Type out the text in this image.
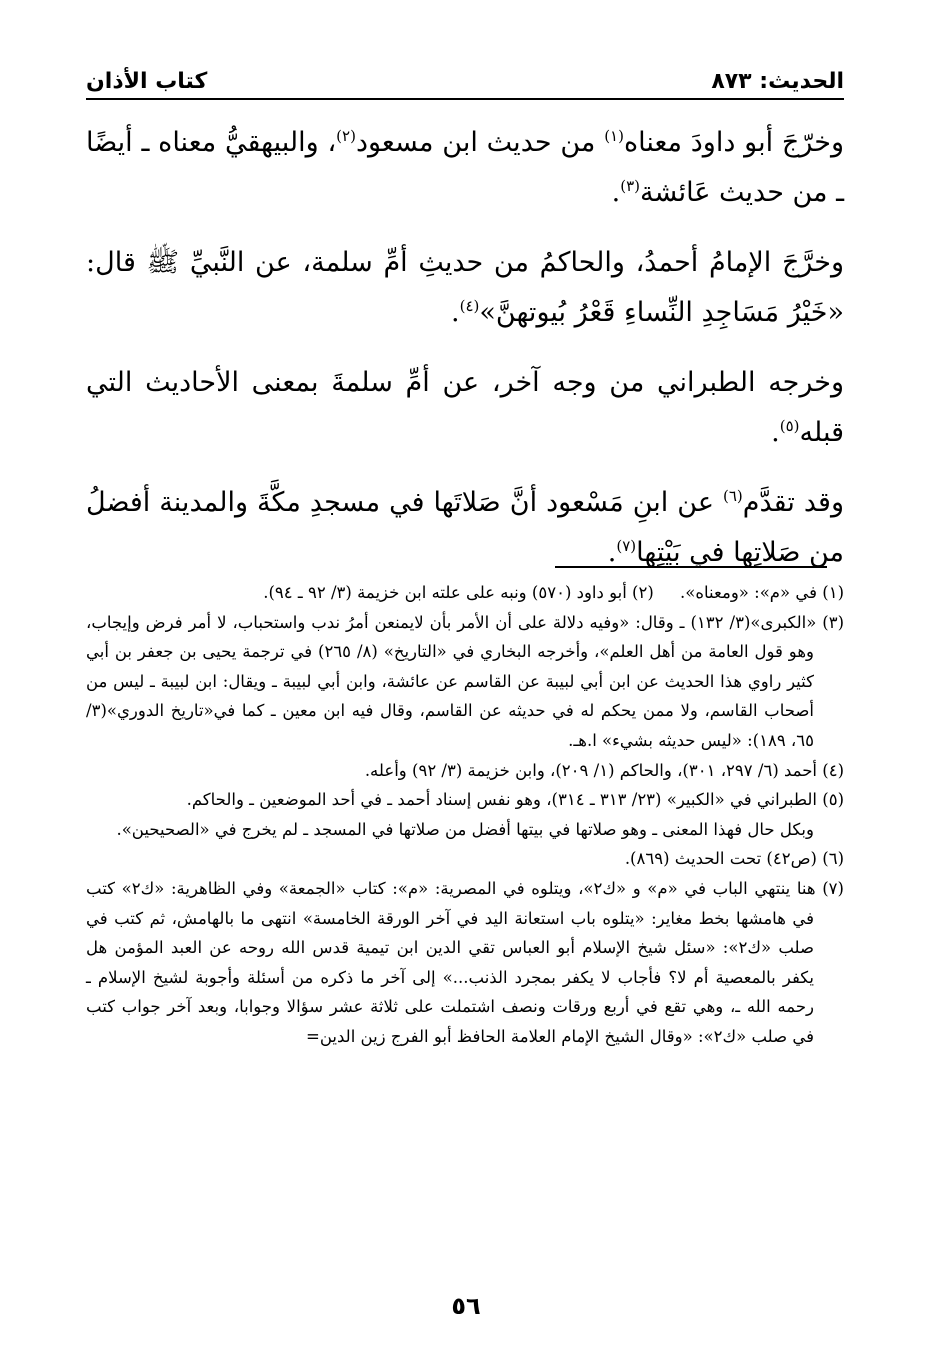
الحديث: ٨٧٣
كتاب الأذان

وخرّجَ أبو داودَ معناه$^{(١)}$ من حديث ابن مسعود$^{(٢)}$، والبيهقيُّ معناه ـ أيضًا ـ من حديث عَائشة$^{(٣)}$.

وخرَّجَ الإمامُ أحمدُ، والحاكمُ من حديثِ أمِّ سلمة، عن النَّبيِّ ﷺ قال: «خَيْرُ مَسَاجِدِ النِّساءِ قَعْرُ بُيوتهنَّ»$^{(٤)}$.

وخرجه الطبراني من وجه آخر، عن أمِّ سلمةَ بمعنى الأحاديث التي قبله$^{(٥)}$.

وقد تقدَّم$^{(٦)}$ عن ابنِ مَسْعود أنَّ صَلاتَها في مسجدِ مكَّةَ والمدينة أفضلُ من صَلاتِها في بَيْتِها$^{(٧)}$.

(١) في «م»: «ومعناه».     (٢) أبو داود (٥٧٠) ونبه على علته ابن خزيمة (٣/ ٩٢ ـ ٩٤).

(٣) «الكبرى»(٣/ ١٣٢) ـ وقال: «وفيه دلالة على أن الأمر بأن لايمنعن أمرُ ندب واستحباب، لا أمر فرض وإيجاب، وهو قول العامة من أهل العلم»، وأخرجه البخاري في «التاريخ» (٨/ ٢٦٥) في ترجمة يحيى بن جعفر بن أبي كثير راوي هذا الحديث عن ابن أبي لبيبة عن القاسم عن عائشة، وابن أبي لبيبة ـ ويقال: ابن لبيبة ـ ليس من أصحاب القاسم، ولا ممن يحكم له في حديثه عن القاسم، وقال فيه ابن معين ـ كما في«تاريخ الدوري»(٣/ ٦٥، ١٨٩): «ليس حديثه بشيء» ا.هـ.

(٤) أحمد (٦/ ٢٩٧، ٣٠١)، والحاكم (١/ ٢٠٩)، وابن خزيمة (٣/ ٩٢) وأعله.

(٥) الطبراني في «الكبير» (٢٣/ ٣١٣ ـ ٣١٤)، وهو نفس إسناد أحمد ـ في أحد الموضعين ـ والحاكم.

وبكل حال فهذا المعنى ـ وهو صلاتها في بيتها أفضل من صلاتها في المسجد ـ لم يخرج في «الصحيحين».

(٦) (ص٤٢) تحت الحديث (٨٦٩).

(٧) هنا ينتهي الباب في «م» و «ك٢»، ويتلوه في المصرية: «م»: كتاب «الجمعة» وفي الظاهرية: «ك٢» كتب في هامشها بخط مغاير: «يتلوه باب استعانة اليد في آخر الورقة الخامسة» انتهى ما بالهامش، ثم كتب في صلب «ك٢»: «سئل شيخ الإسلام أبو العباس تقي الدين ابن تيمية قدس الله روحه عن العبد المؤمن هل يكفر بالمعصية أم لا؟ فأجاب لا يكفر بمجرد الذنب...» إلى آخر ما ذكره من أسئلة وأجوبة لشيخ الإسلام ـ رحمه الله ـ، وهي تقع في أربع ورقات ونصف اشتملت على ثلاثة عشر سؤالا وجوابا، وبعد آخر جواب كتب في صلب «ك٢»: «وقال الشيخ الإمام العلامة الحافظ أبو الفرج زين الدين=

٥٦
